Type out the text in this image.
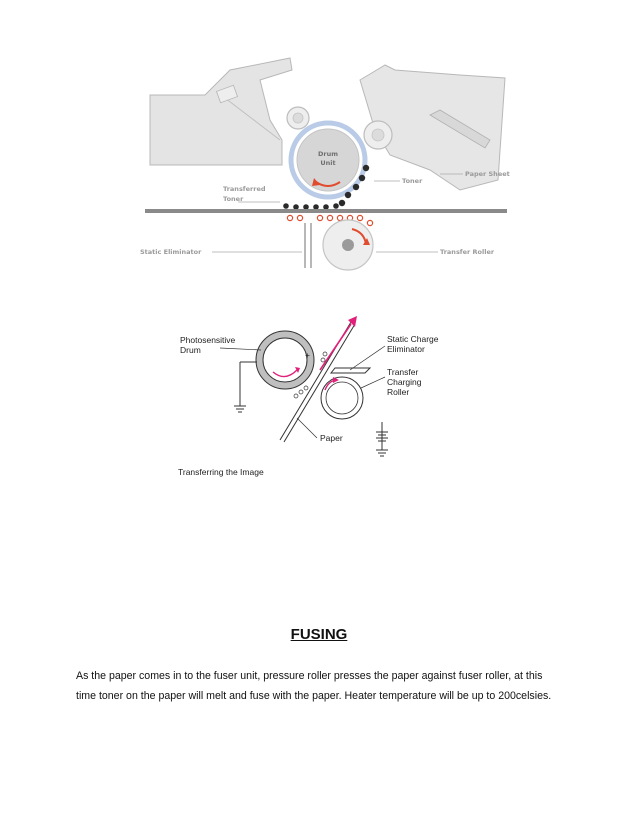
Drum
Unit
Toner
Paper Sheet
Transferred
Toner
Static Eliminator	Transfer Roller
+
Photosensitive
Drum
Static Charge
Eliminator
Transfer
Charging
Roller
Paper
Transferring the Image
FUSING

As the paper comes in to the fuser unit, pressure roller presses the paper against fuser roller, at this
time toner on the paper will melt and fuse with the paper. Heater temperature will be up to 200celsies.
